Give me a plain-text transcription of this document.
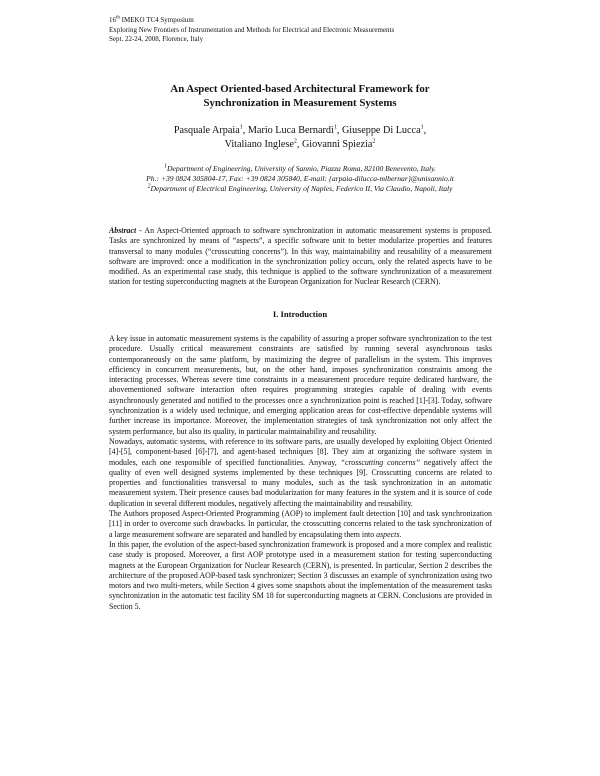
16th IMEKO TC4 Symposium
Exploring New Frontiers of Instrumentation and Methods for Electrical and Electronic Measurements
Sept. 22-24, 2008, Florence, Italy
An Aspect Oriented-based Architectural Framework for
Synchronization in Measurement Systems
Pasquale Arpaia$^1$, Mario Luca Bernardi$^1$, Giuseppe Di Lucca$^1$,
Vitaliano Inglese$^2$, Giovanni Spiezia$^2$
$^1$Department of Engineering, University of Sannio, Piazza Roma, 82100 Benevento, Italy.
Ph.: +39 0824 305804-17, Fax: +39 0824 305840, E-mail: {arpaia-dilucca-mlbernar}@unisannio.it
$^2$Department of Electrical Engineering, University of Naples, Federico II, Via Claudio, Napoli, Italy
Abstract - An Aspect-Oriented approach to software synchronization in automatic measurement systems is proposed. Tasks are synchronized by means of “aspects”, a specific software unit to better modularize properties and features transversal to many modules (“crosscutting concerns”). In this way, maintainability and reusability of a measurement software are improved: once a modification in the synchronization policy occurs, only the related aspects have to be modified. As an experimental case study, this technique is applied to the software synchronization of a measurement station for testing superconducting magnets at the European Organization for Nuclear Research (CERN).
I. Introduction

A key issue in automatic measurement systems is the capability of assuring a proper software synchronization to the test procedure. Usually critical measurement constraints are satisfied by running several asynchronous tasks contemporaneously on the same platform, by maximizing the degree of parallelism in the system. This improves efficiency in concurrent measurements, but, on the other hand, imposes synchronization constraints among the interacting processes. Whereas severe time constraints in a measurement procedure require dedicated hardware, the abovementioned software interaction often requires programming strategies capable of dealing with events asynchronously generated and notified to the processes once a synchronization point is reached [1]-[3]. Today, software synchronization is a widely used technique, and emerging application areas for cost-effective dependable systems will further increase its importance. Moreover, the implementation strategies of task synchronization not only affect the system performance, but also its quality, in particular maintainability and reusability.

Nowadays, automatic systems, with reference to its software parts, are usually developed by exploiting Object Oriented [4]-[5], component-based [6]-[7], and agent-based techniques [8]. They aim at organizing the software system in modules, each one responsible of specified functionalities. Anyway, “crosscutting concerns” negatively affect the quality of even well designed systems implemented by these techniques [9]. Crosscutting concerns are related to properties and functionalities transversal to many modules, such as the task synchronization in an automatic measurement system. Their presence causes bad modularization for many features in the system and it is source of code duplication in several different modules, negatively affecting the maintainability and reusability.

The Authors proposed Aspect-Oriented Programming (AOP) to implement fault detection [10] and task synchronization [11] in order to overcome such drawbacks. In particular, the crosscutting concerns related to the task synchronization of a large measurement software are separated and handled by encapsulating them into aspects.

In this paper, the evolution of the aspect-based synchronization framework is proposed and a more complex and realistic case study is proposed. Moreover, a first AOP prototype used in a measurement station for testing superconducting magnets at the European Organization for Nuclear Research (CERN), is presented. In particular, Section 2 describes the architecture of the proposed AOP-based task synchronizer; Section 3 discusses an example of synchronization using two motors and two multi-meters, while Section 4 gives some snapshots about the implementation of the measurement tasks synchronization in the automatic test facility SM 18 for superconducting magnets at CERN. Conclusions are provided in Section 5.
